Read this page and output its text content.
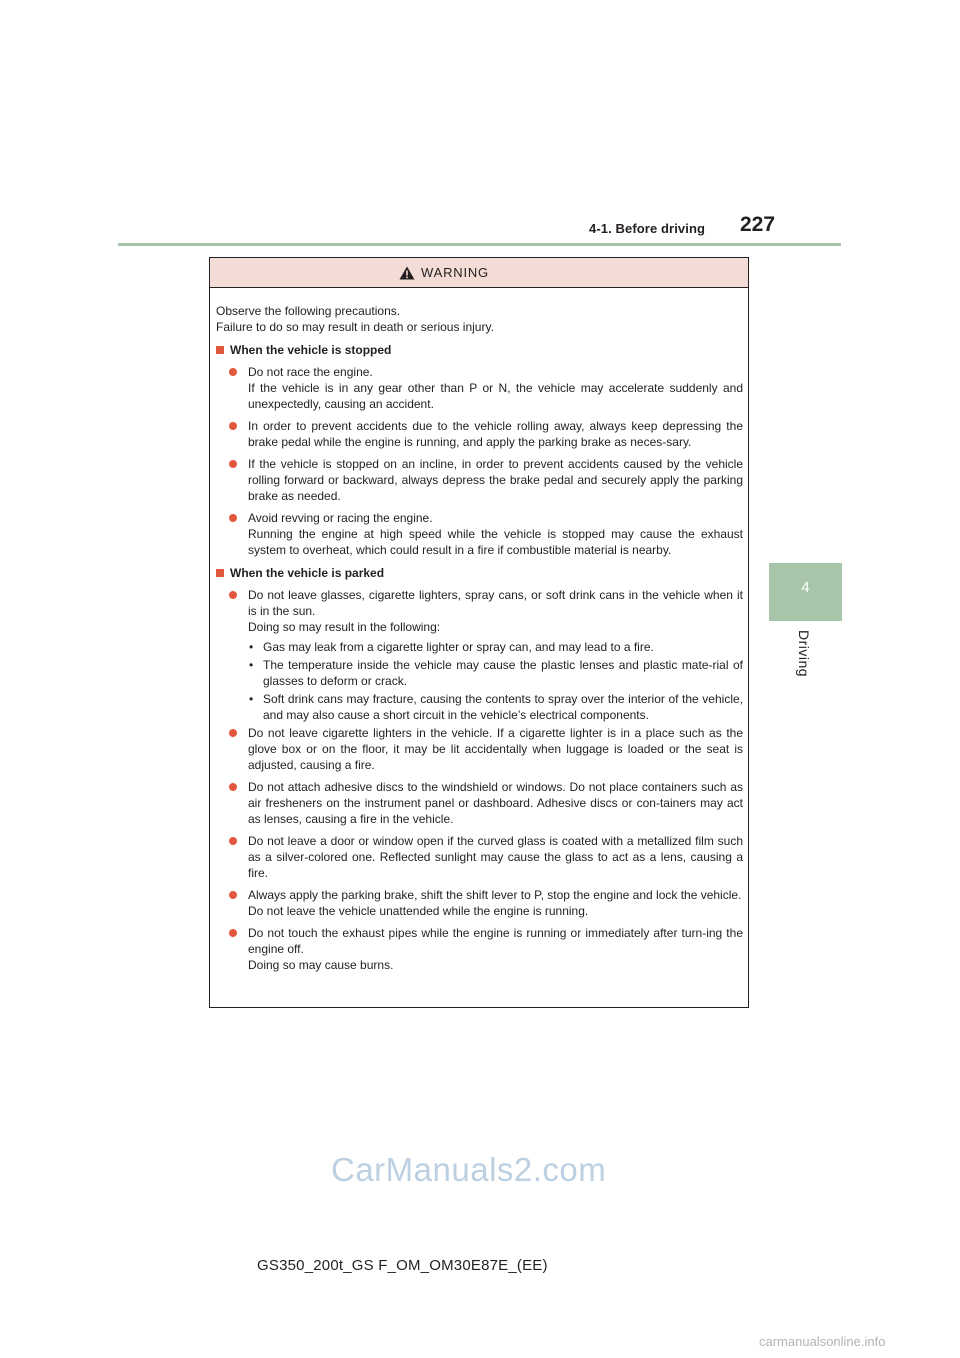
4-1. Before driving 227
4
Driving
WARNING

Observe the following precautions.
Failure to do so may result in death or serious injury.

When the vehicle is stopped
Do not race the engine.
If the vehicle is in any gear other than P or N, the vehicle may accelerate suddenly and unexpectedly, causing an accident.
In order to prevent accidents due to the vehicle rolling away, always keep depressing the brake pedal while the engine is running, and apply the parking brake as neces-sary.
If the vehicle is stopped on an incline, in order to prevent accidents caused by the vehicle rolling forward or backward, always depress the brake pedal and securely apply the parking brake as needed.
Avoid revving or racing the engine.
Running the engine at high speed while the vehicle is stopped may cause the exhaust system to overheat, which could result in a fire if combustible material is nearby.
When the vehicle is parked
Do not leave glasses, cigarette lighters, spray cans, or soft drink cans in the vehicle when it is in the sun.
Doing so may result in the following:
• Gas may leak from a cigarette lighter or spray can, and may lead to a fire.
• The temperature inside the vehicle may cause the plastic lenses and plastic mate-rial of glasses to deform or crack.
• Soft drink cans may fracture, causing the contents to spray over the interior of the vehicle, and may also cause a short circuit in the vehicle’s electrical components.
Do not leave cigarette lighters in the vehicle. If a cigarette lighter is in a place such as the glove box or on the floor, it may be lit accidentally when luggage is loaded or the seat is adjusted, causing a fire.
Do not attach adhesive discs to the windshield or windows. Do not place containers such as air fresheners on the instrument panel or dashboard. Adhesive discs or con-tainers may act as lenses, causing a fire in the vehicle.
Do not leave a door or window open if the curved glass is coated with a metallized film such as a silver-colored one. Reflected sunlight may cause the glass to act as a lens, causing a fire.
Always apply the parking brake, shift the shift lever to P, stop the engine and lock the vehicle.
Do not leave the vehicle unattended while the engine is running.
Do not touch the exhaust pipes while the engine is running or immediately after turn-ing the engine off.
Doing so may cause burns.
CarManuals2.com
GS350_200t_GS F_OM_OM30E87E_(EE)
carmanualsonline.info
